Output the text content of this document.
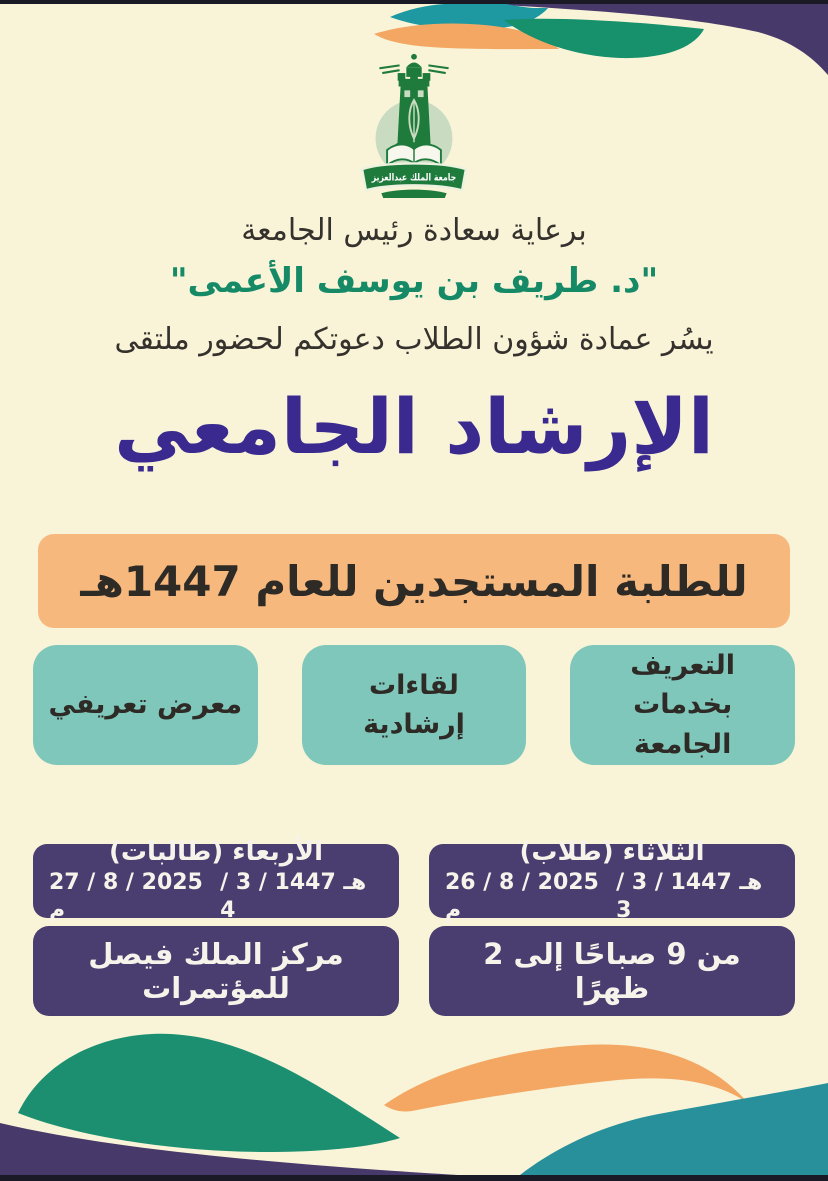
جامعة الملك عبدالعزيز
برعاية سعادة رئيس الجامعة
"د. طريف بن يوسف الأعمى"
يسُر عمادة شؤون الطلاب دعوتكم لحضور ملتقى
الإرشاد الجامعي
للطلبة المستجدين للعام 1447هـ
التعريف بخدمات الجامعة
لقاءات إرشادية
معرض تعريفي
الثلاثاء (طلاب)
26 / 8 / 2025 م
هـ 1447 / 3 / 3
الأربعاء (طالبات)
27 / 8 / 2025 م
هـ 1447 / 3 / 4
من 9 صباحًا إلى 2 ظهرًا
مركز الملك فيصل للمؤتمرات
